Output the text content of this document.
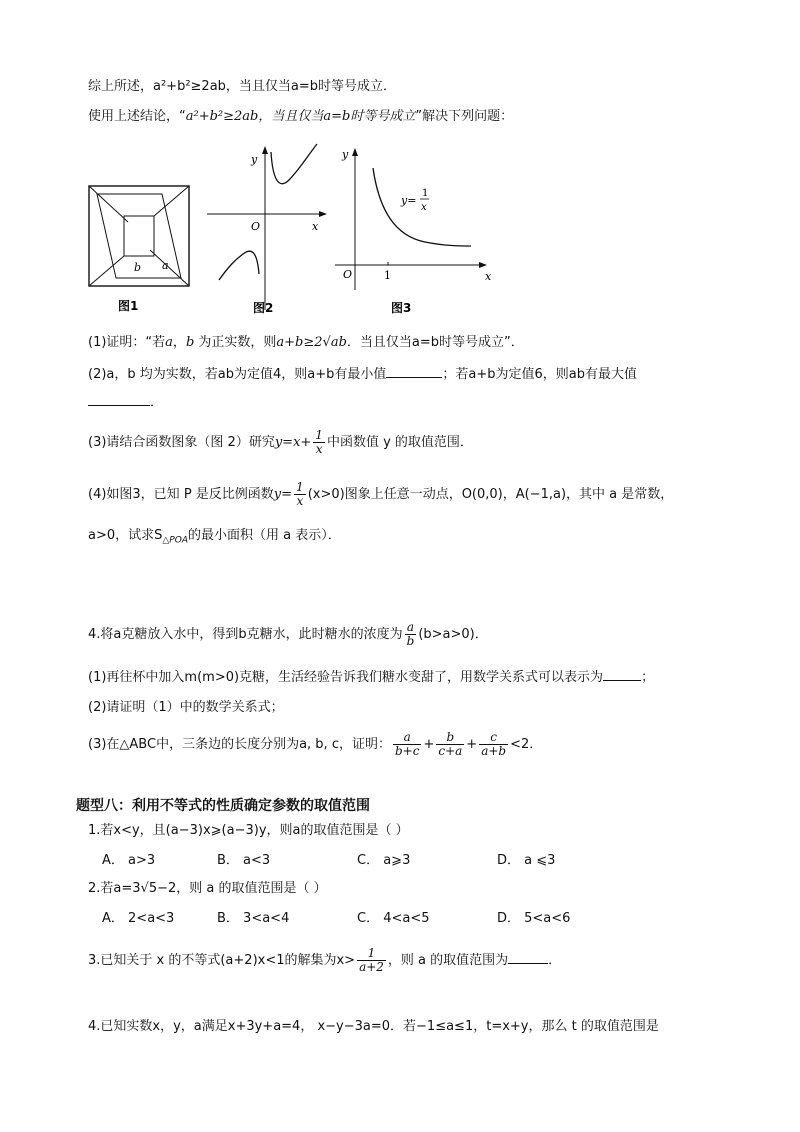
综上所述，a²+b²≥2ab，当且仅当a=b时等号成立．
使用上述结论，“a²+b²≥2ab，当且仅当a=b时等号成立”解决下列问题：
b a
图1
y
x
O
图2
y
x
O	1
y=
1
x
图3
(1)证明：“若a，b 为正实数，则a+b≥2√ab．当且仅当a=b时等号成立”．
(2)a，b 均为实数，若ab为定值4，则a+b有最小值	；若a+b为定值6，则ab有最大值
．
(3)请结合函数图象（图 2）研究$y=x+ \frac{1}{x}$ 中函数值 y 的取值范围．
(4)如图3，已知 P 是反比例函数$y= \frac{1}{x} (x>0)$图象上任意一动点，O(0,0)，A(−1,a)，其中 a 是常数，
a>0，试求$S_{\triangle POA}$的最小面积（用 a 表示）．
4.将a克糖放入水中，得到b克糖水，此时糖水的浓度为 $\frac{a}{b} (b>a>0)$．
(1)再往杯中加入m(m>0)克糖，生活经验告诉我们糖水变甜了，用数学关系式可以表示为	；
(2)请证明（1）中的数学关系式；
(3)在△ABC中，三条边的长度分别为a, b, c，证明： $\frac{a}{b+c} + \frac{b}{c+a} + \frac{c}{a+b} <2$．
题型八：利用不等式的性质确定参数的取值范围
1.若x<y，且(a−3)x⩾(a−3)y，则a的取值范围是（ ）
A． a>3	B． a<3	C． a⩾3	D． a ⩽3
2.若a=3√5−2，则 a 的取值范围是（ ）
A． 2<a<3	B． 3<a<4	C． 4<a<5	D． 5<a<6
3.已知关于 x 的不等式(a+2)x<1的解集为$x> \frac{1}{a+2}$ ，则 a 的取值范围为	．
4.已知实数x，y，a满足x+3y+a=4， x−y−3a=0．若−1≤a≤1，t=x+y，那么 t 的取值范围是
